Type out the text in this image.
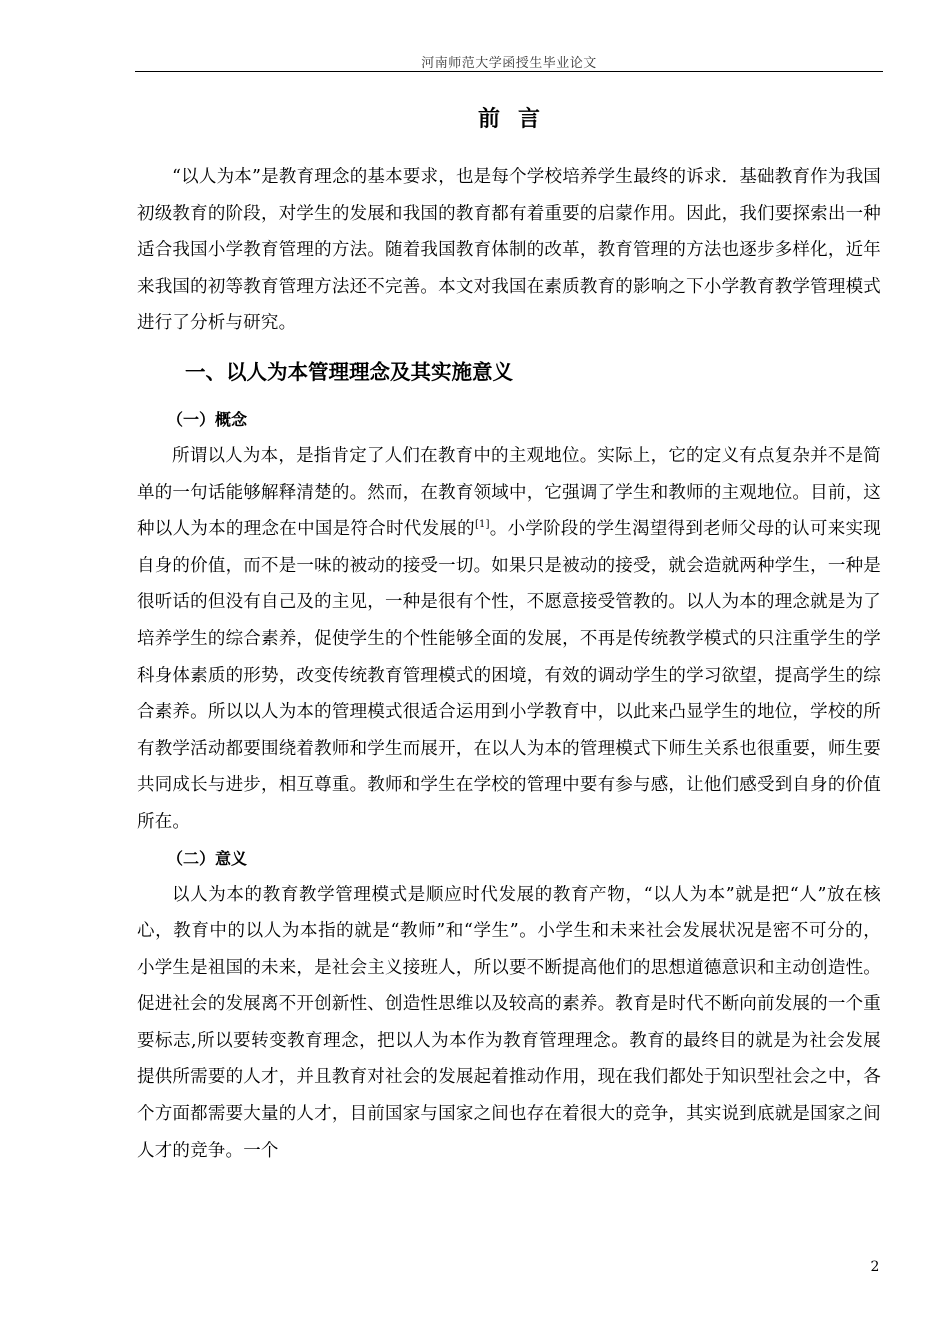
河南师范大学函授生毕业论文
前言

“以人为本”是教育理念的基本要求，也是每个学校培养学生最终的诉求．基础教育作为我国初级教育的阶段，对学生的发展和我国的教育都有着重要的启蒙作用。因此，我们要探索出一种适合我国小学教育管理的方法。随着我国教育体制的改革，教育管理的方法也逐步多样化，近年来我国的初等教育管理方法还不完善。本文对我国在素质教育的影响之下小学教育教学管理模式进行了分析与研究。

一、以人为本管理理念及其实施意义
（一）概念

所谓以人为本，是指肯定了人们在教育中的主观地位。实际上，它的定义有点复杂并不是简单的一句话能够解释清楚的。然而，在教育领域中，它强调了学生和教师的主观地位。目前，这种以人为本的理念在中国是符合时代发展的[1]。小学阶段的学生渴望得到老师父母的认可来实现自身的价值，而不是一味的被动的接受一切。如果只是被动的接受，就会造就两种学生，一种是很听话的但没有自己及的主见，一种是很有个性，不愿意接受管教的。以人为本的理念就是为了培养学生的综合素养，促使学生的个性能够全面的发展，不再是传统教学模式的只注重学生的学科身体素质的形势，改变传统教育管理模式的困境，有效的调动学生的学习欲望，提高学生的综合素养。所以以人为本的管理模式很适合运用到小学教育中，以此来凸显学生的地位，学校的所有教学活动都要围绕着教师和学生而展开，在以人为本的管理模式下师生关系也很重要，师生要共同成长与进步，相互尊重。教师和学生在学校的管理中要有参与感，让他们感受到自身的价值所在。

（二）意义

以人为本的教育教学管理模式是顺应时代发展的教育产物，“以人为本”就是把“人”放在核心，教育中的以人为本指的就是“教师”和“学生”。小学生和未来社会发展状况是密不可分的，小学生是祖国的未来，是社会主义接班人，所以要不断提高他们的思想道德意识和主动创造性。促进社会的发展离不开创新性、创造性思维以及较高的素养。教育是时代不断向前发展的一个重要标志,所以要转变教育理念，把以人为本作为教育管理理念。教育的最终目的就是为社会发展提供所需要的人才，并且教育对社会的发展起着推动作用，现在我们都处于知识型社会之中，各个方面都需要大量的人才，目前国家与国家之间也存在着很大的竞争，其实说到底就是国家之间人才的竞争。一个

2
